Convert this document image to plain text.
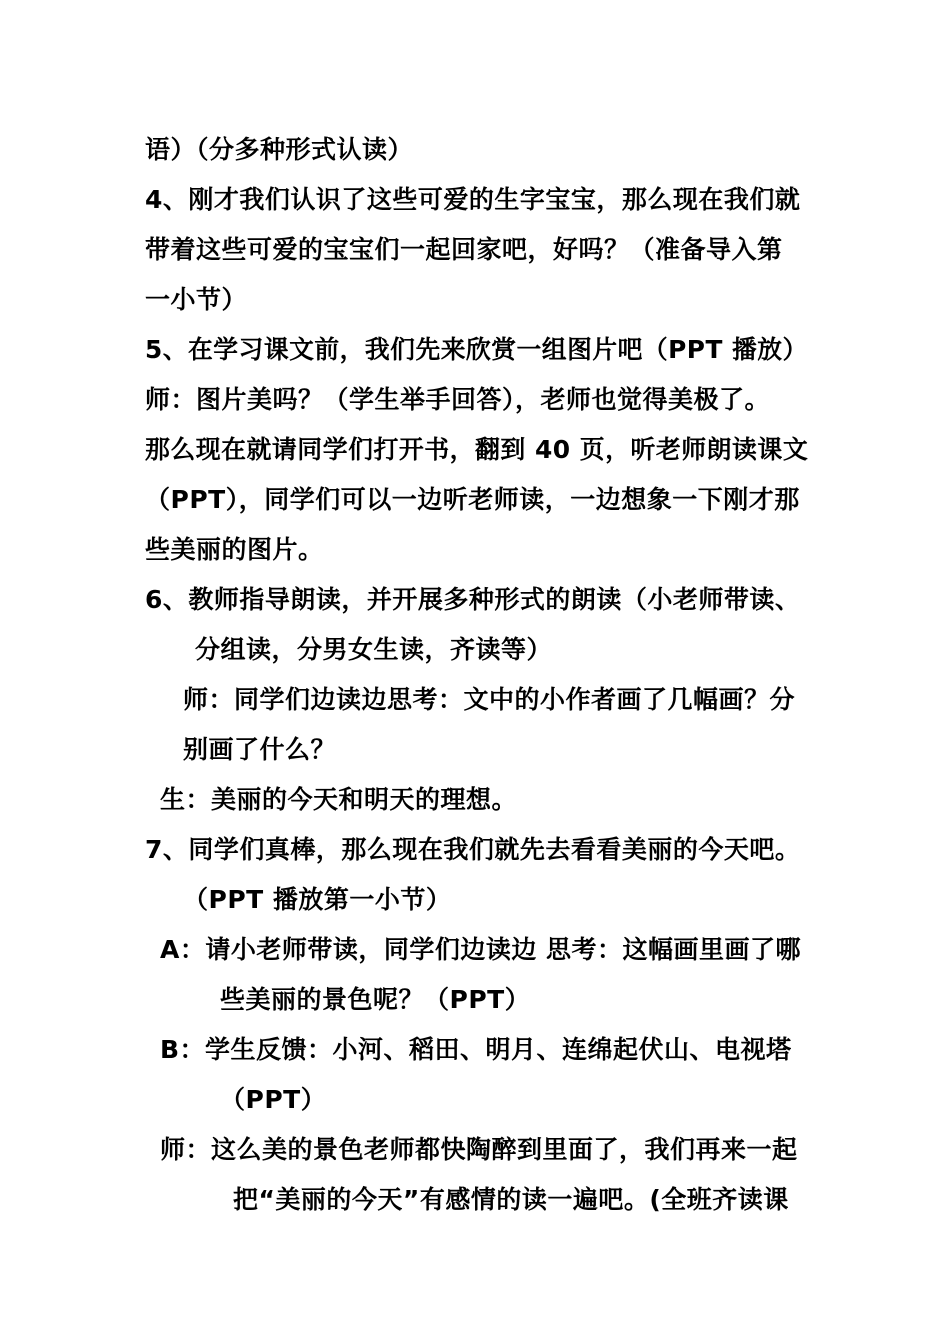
语）（分多种形式认读）
4、刚才我们认识了这些可爱的生字宝宝，那么现在我们就
带着这些可爱的宝宝们一起回家吧，好吗？（准备导入第
一小节）
5、在学习课文前，我们先来欣赏一组图片吧（PPT 播放）
师：图片美吗？（学生举手回答），老师也觉得美极了。
那么现在就请同学们打开书，翻到 40 页，听老师朗读课文
（PPT），同学们可以一边听老师读，一边想象一下刚才那
些美丽的图片。
6、教师指导朗读，并开展多种形式的朗读（小老师带读、
分组读，分男女生读，齐读等）
师：同学们边读边思考：文中的小作者画了几幅画？分
别画了什么？
生：美丽的今天和明天的理想。
7、同学们真棒，那么现在我们就先去看看美丽的今天吧。
（PPT 播放第一小节）
A：请小老师带读，同学们边读边 思考：这幅画里画了哪
些美丽的景色呢？（PPT）
B：学生反馈：小河、稻田、明月、连绵起伏山、电视塔
（PPT）
师：这么美的景色老师都快陶醉到里面了，我们再来一起
把“美丽的今天”有感情的读一遍吧。(全班齐读课
